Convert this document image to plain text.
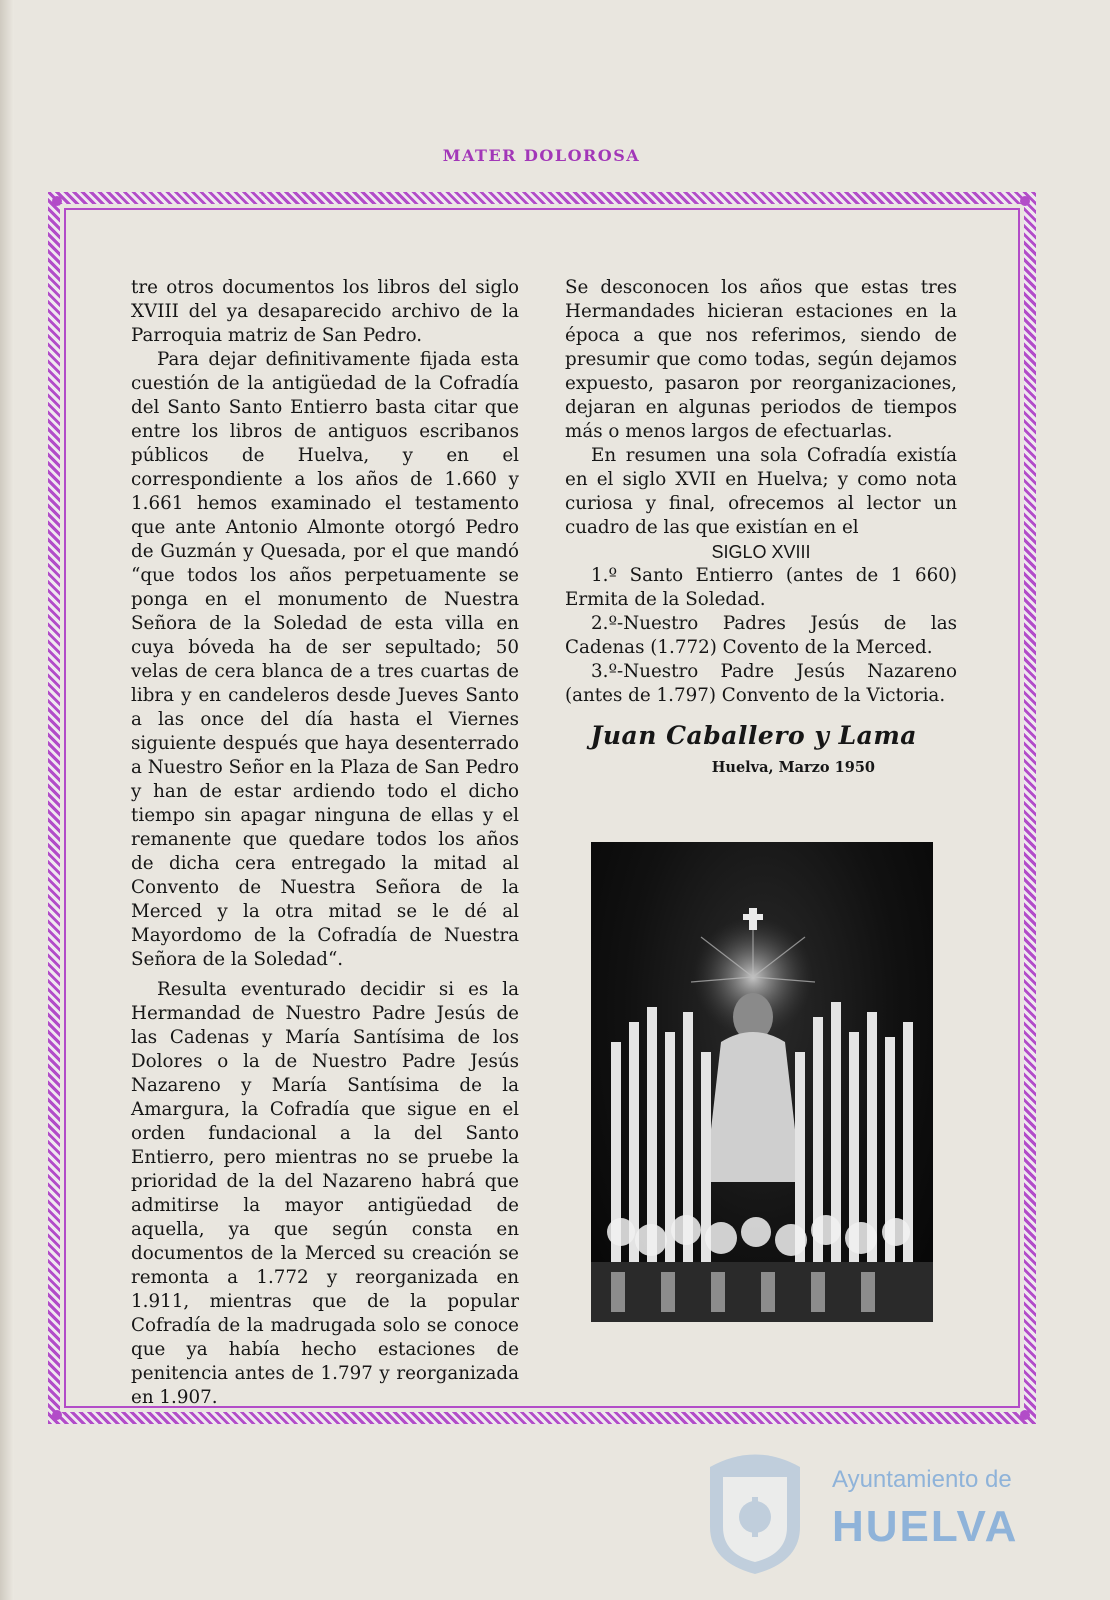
MATER DOLOROSA

tre otros documentos los libros del siglo XVIII del ya desaparecido archivo de la Parroquia matriz de San Pedro.

Para dejar definitivamente fijada esta cuestión de la antigüedad de la Cofradía del Santo Santo Entierro basta citar que entre los libros de antiguos escribanos públicos de Huelva, y en el correspondiente a los años de 1.660 y 1.661 hemos examinado el testamento que ante Antonio Almonte otorgó Pedro de Guzmán y Quesada, por el que mandó “que todos los años perpetuamente se ponga en el monumento de Nuestra Señora de la Soledad de esta villa en cuya bóveda ha de ser sepultado; 50 velas de cera blanca de a tres cuartas de libra y en candeleros desde Jueves Santo a las once del día hasta el Viernes siguiente después que haya desenterrado a Nuestro Señor en la Plaza de San Pedro y han de estar ardiendo todo el dicho tiempo sin apagar ninguna de ellas y el remanente que quedare todos los años de dicha cera entregado la mitad al Convento de Nuestra Señora de la Merced y la otra mitad se le dé al Mayordomo de la Cofradía de Nuestra Señora de la Soledad“.

Resulta eventurado decidir si es la Hermandad de Nuestro Padre Jesús de las Cadenas y María Santísima de los Dolores o la de Nuestro Padre Jesús Nazareno y María Santísima de la Amargura, la Cofradía que sigue en el orden fundacional a la del Santo Entierro, pero mientras no se pruebe la prioridad de la del Nazareno habrá que admitirse la mayor antigüedad de aquella, ya que según consta en documentos de la Merced su creación se remonta a 1.772 y reorganizada en 1.911, mientras que de la popular Cofradía de la madrugada solo se conoce que ya había hecho estaciones de penitencia antes de 1.797 y reorganizada en 1.907.

Se desconocen los años que estas tres Hermandades hicieran estaciones en la época a que nos referimos, siendo de presumir que como todas, según dejamos expuesto, pasaron por reorganizaciones, dejaran en algunas periodos de tiempos más o menos largos de efectuarlas.

En resumen una sola Cofradía existía en el siglo XVII en Huelva; y como nota curiosa y final, ofrecemos al lector un cuadro de las que existían en el

SIGLO XVIII

1.º Santo Entierro (antes de 1 660) Ermita de la Soledad.

2.º-Nuestro Padres Jesús de las Cadenas (1.772) Covento de la Merced.

3.º-Nuestro Padre Jesús Nazareno (antes de 1.797) Convento de la Victoria.

Juan Caballero y Lama
Huelva, Marzo 1950
Ayuntamiento de
HUELVA
